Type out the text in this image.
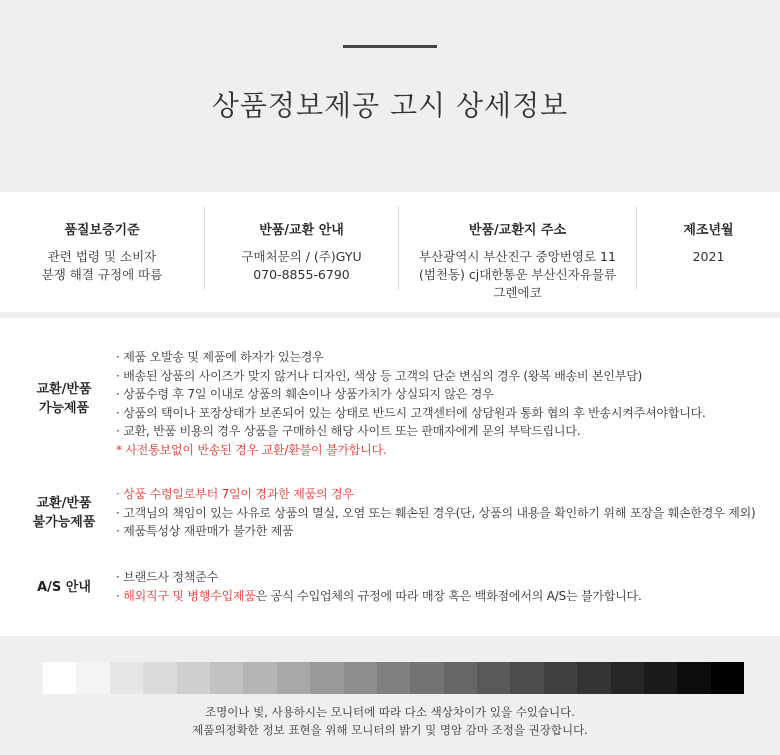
상품정보제공 고시 상세정보
품질보증기준
관련 법령 및 소비자
분쟁 해결 규정에 따름
반품/교환 안내
구매처문의 / (주)GYU
070-8855-6790
반품/교환지 주소
부산광역시 부산진구 중앙번영로 11
(범천동) cj대한통운 부산신자유물류
그렌에코
제조년월
2021
교환/반품
가능제품
· 제품 오발송 및 제품에 하자가 있는경우
· 배송된 상품의 사이즈가 맞지 않거나 디자인, 색상 등 고객의 단순 변심의 경우 (왕복 배송비 본인부담)
· 상품수령 후 7일 이내로 상품의 훼손이나 상품가치가 상실되지 않은 경우
· 상품의 택이나 포장상태가 보존되어 있는 상태로 반드시 고객센터에 상담원과 통화 협의 후 반송시켜주셔야합니다.
· 교환, 반품 비용의 경우 상품을 구매하신 해당 사이트 또는 판매자에게 문의 부탁드립니다.
* 사전통보없이 반송된 경우 교환/환불이 불가합니다.
교환/반품
불가능제품
· 상품 수령일로부터 7일이 경과한 제품의 경우
· 고객님의 책임이 있는 사유로 상품의 멸실, 오염 또는 훼손된 경우(단, 상품의 내용을 확인하기 위해 포장을 훼손한경우 제외)
· 제품특성상 재판매가 불가한 제품
A/S 안내
· 브랜드사 정책준수
· 해외직구 및 병행수입제품은 공식 수입업체의 규정에 따라 매장 혹은 백화점에서의 A/S는 불가합니다.
조명이나 빛, 사용하시는 모니터에 따라 다소 색상차이가 있을 수있습니다.
제품의정확한 정보 표현을 위해 모니터의 밝기 및 명암 감마 조정을 권장합니다.
